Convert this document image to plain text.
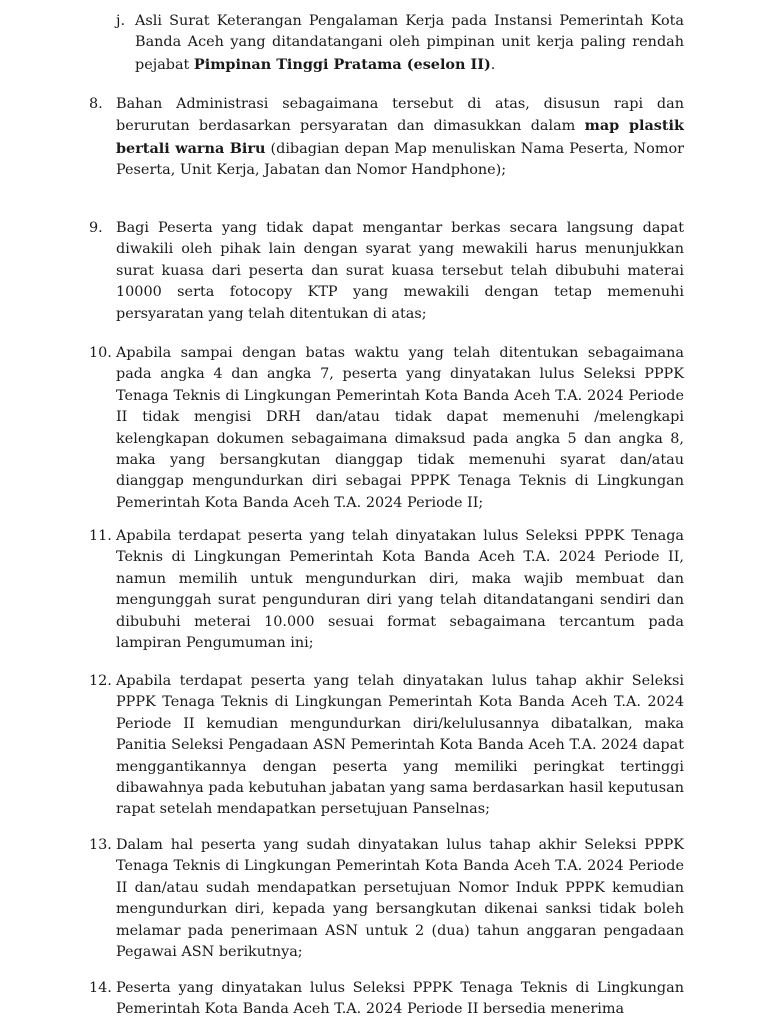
j. Asli Surat Keterangan Pengalaman Kerja pada Instansi Pemerintah Kota Banda Aceh yang ditandatangani oleh pimpinan unit kerja paling rendah pejabat Pimpinan Tinggi Pratama (eselon II).
8. Bahan Administrasi sebagaimana tersebut di atas, disusun rapi dan berurutan berdasarkan persyaratan dan dimasukkan dalam map plastik bertali warna Biru (dibagian depan Map menuliskan Nama Peserta, Nomor Peserta, Unit Kerja, Jabatan dan Nomor Handphone);
9. Bagi Peserta yang tidak dapat mengantar berkas secara langsung dapat diwakili oleh pihak lain dengan syarat yang mewakili harus menunjukkan surat kuasa dari peserta dan surat kuasa tersebut telah dibubuhi materai 10000 serta fotocopy KTP yang mewakili dengan tetap memenuhi persyaratan yang telah ditentukan di atas;
10. Apabila sampai dengan batas waktu yang telah ditentukan sebagaimana pada angka 4 dan angka 7, peserta yang dinyatakan lulus Seleksi PPPK Tenaga Teknis di Lingkungan Pemerintah Kota Banda Aceh T.A. 2024 Periode II tidak mengisi DRH dan/atau tidak dapat memenuhi /melengkapi kelengkapan dokumen sebagaimana dimaksud pada angka 5 dan angka 8, maka yang bersangkutan dianggap tidak memenuhi syarat dan/atau dianggap mengundurkan diri sebagai PPPK Tenaga Teknis di Lingkungan Pemerintah Kota Banda Aceh T.A. 2024 Periode II;
11. Apabila terdapat peserta yang telah dinyatakan lulus Seleksi PPPK Tenaga Teknis di Lingkungan Pemerintah Kota Banda Aceh T.A. 2024 Periode II, namun memilih untuk mengundurkan diri, maka wajib membuat dan mengunggah surat pengunduran diri yang telah ditandatangani sendiri dan dibubuhi meterai 10.000 sesuai format sebagaimana tercantum pada lampiran Pengumuman ini;
12. Apabila terdapat peserta yang telah dinyatakan lulus tahap akhir Seleksi PPPK Tenaga Teknis di Lingkungan Pemerintah Kota Banda Aceh T.A. 2024 Periode II kemudian mengundurkan diri/kelulusannya dibatalkan, maka Panitia Seleksi Pengadaan ASN Pemerintah Kota Banda Aceh T.A. 2024 dapat menggantikannya dengan peserta yang memiliki peringkat tertinggi dibawahnya pada kebutuhan jabatan yang sama berdasarkan hasil keputusan rapat setelah mendapatkan persetujuan Panselnas;
13. Dalam hal peserta yang sudah dinyatakan lulus tahap akhir Seleksi PPPK Tenaga Teknis di Lingkungan Pemerintah Kota Banda Aceh T.A. 2024 Periode II dan/atau sudah mendapatkan persetujuan Nomor Induk PPPK kemudian mengundurkan diri, kepada yang bersangkutan dikenai sanksi tidak boleh melamar pada penerimaan ASN untuk 2 (dua) tahun anggaran pengadaan Pegawai ASN berikutnya;
14. Peserta yang dinyatakan lulus Seleksi PPPK Tenaga Teknis di Lingkungan Pemerintah Kota Banda Aceh T.A. 2024 Periode II bersedia menerima
